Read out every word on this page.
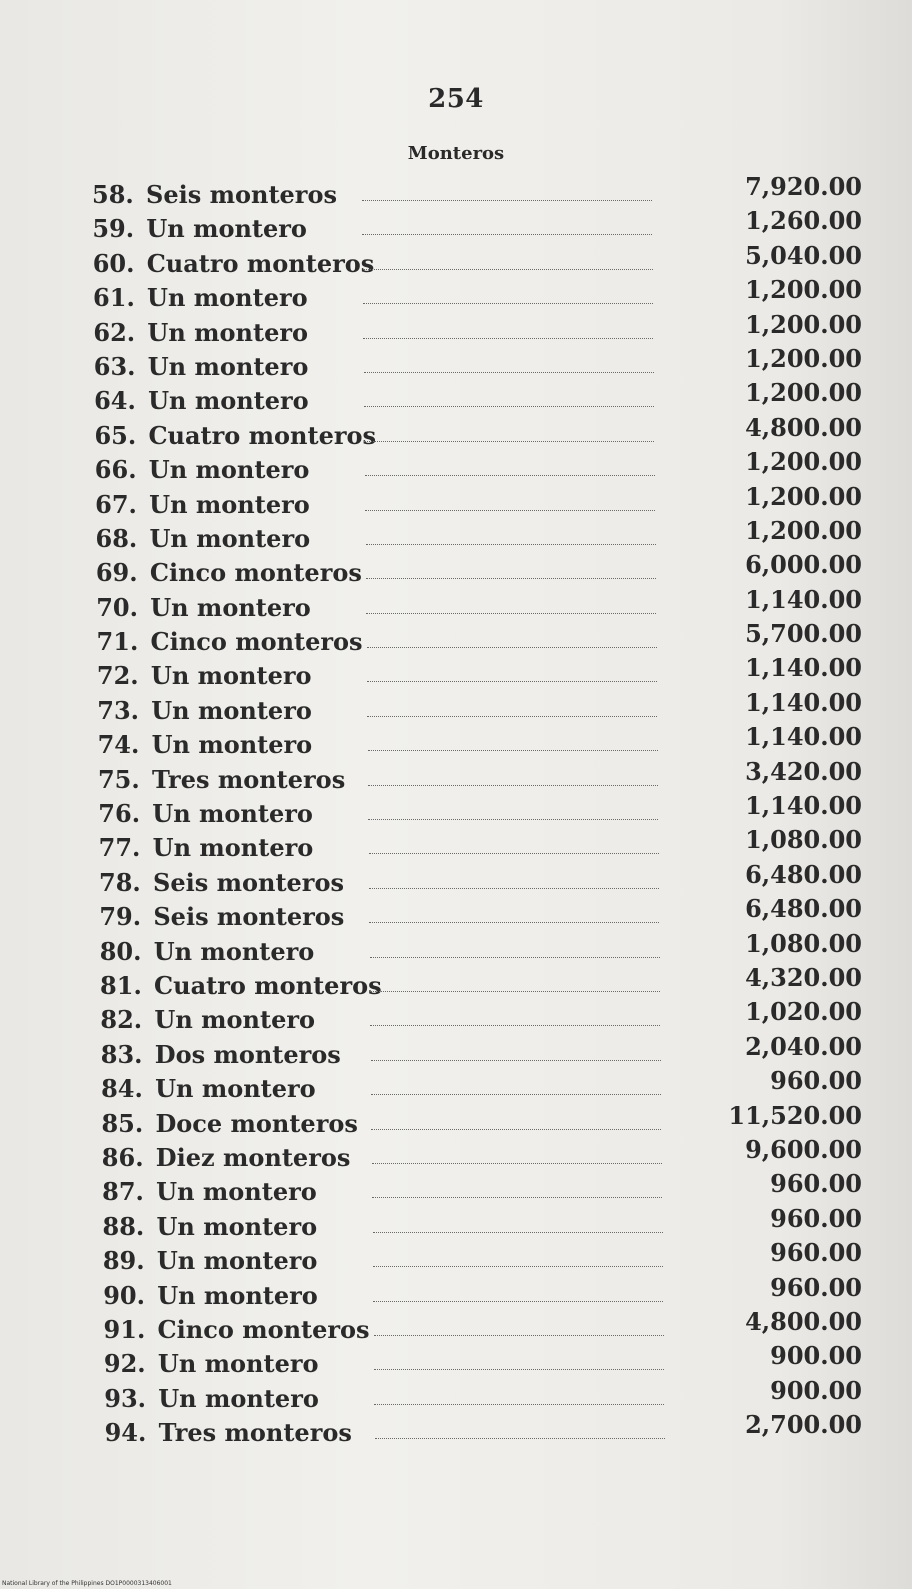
254
Monteros
58. Seis monteros	7,920.00
59. Un montero	1,260.00
60. Cuatro monteros	5,040.00
61. Un montero	1,200.00
62. Un montero	1,200.00
63. Un montero	1,200.00
64. Un montero	1,200.00
65. Cuatro monteros	4,800.00
66. Un montero	1,200.00
67. Un montero	1,200.00
68. Un montero	1,200.00
69. Cinco monteros	6,000.00
70. Un montero	1,140.00
71. Cinco monteros	5,700.00
72. Un montero	1,140.00
73. Un montero	1,140.00
74. Un montero	1,140.00
75. Tres monteros	3,420.00
76. Un montero	1,140.00
77. Un montero	1,080.00
78. Seis monteros	6,480.00
79. Seis monteros	6,480.00
80. Un montero	1,080.00
81. Cuatro monteros	4,320.00
82. Un montero	1,020.00
83. Dos monteros	2,040.00
84. Un montero	960.00
85. Doce monteros	11,520.00
86. Diez monteros	9,600.00
87. Un montero	960.00
88. Un montero	960.00
89. Un montero	960.00
90. Un montero	960.00
91. Cinco monteros	4,800.00
92. Un montero	900.00
93. Un montero	900.00
94. Tres monteros	2,700.00
National Library of the Philippines DO1P0000313406001
